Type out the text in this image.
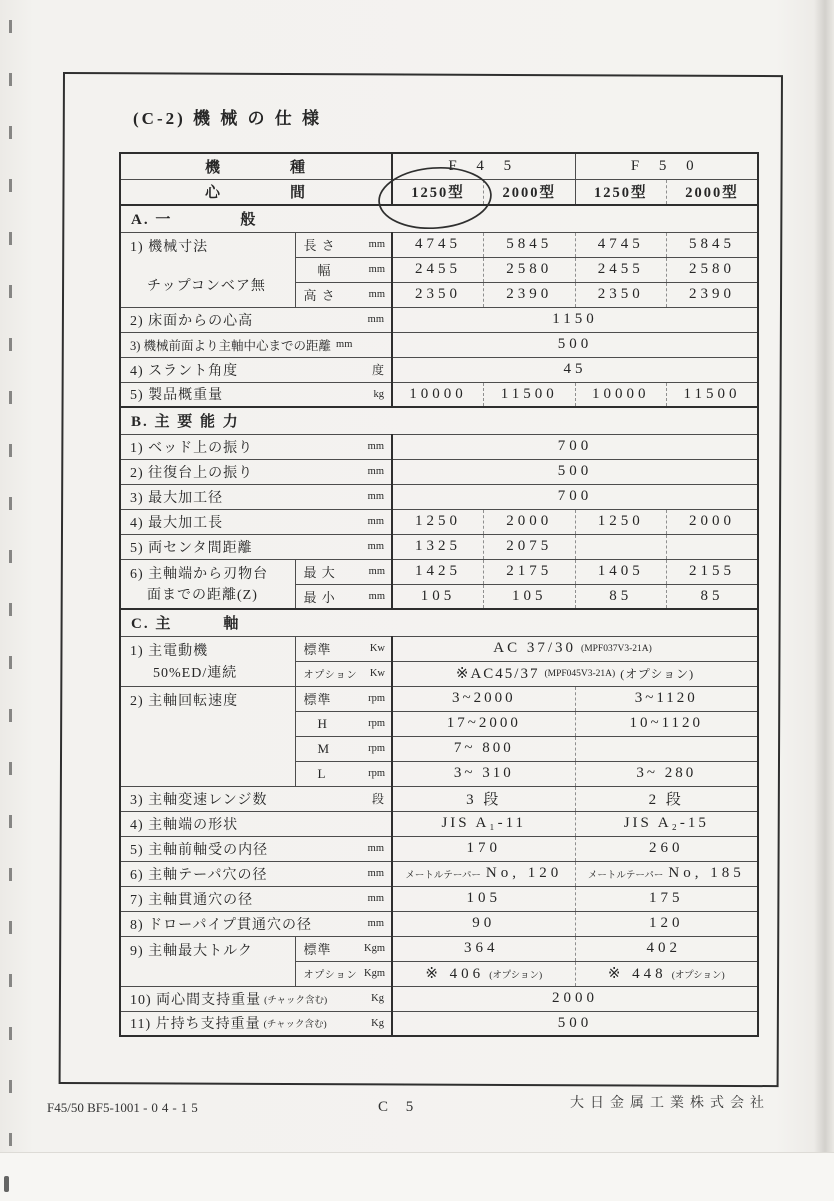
(C-2) 機 械 の 仕 様
機　　　　種		F 4 5		F 5 0	
心　　　　間		1250型	2000型	1250型	2000型
A. 一　　　　般					

1) 機械寸法
チップコンベア無

長 さ	mm	4745	5845	4745	5845

	幅 mm	2455	2580	2455	2580

	高 さ mm	2350	2390	2350	2390

2) 床面からの心高 mm		1150			

3) 機械前面より主軸中心までの距離 mm		500			

4) スラント角度 度		45			

5) 製品概重量 kg		10000	11500	10000	11500
B. 主 要 能 力					

1) ベッド上の振り mm		700			

2) 往復台上の振り mm		500			

3) 最大加工径 mm		700			

4) 最大加工長 mm		1250	2000	1250	2000

5) 両センタ間距離 mm		1325	2075		

6) 主軸端から刃物台
面までの距離(Z)

最 大	mm	1425	2175	1405	2155

	最 小 mm	105	105	85	85
C. 主　　　軸					

1) 主電動機
50%ED/連続

標準	Kw	AC 37/30 (MPF037V3-21A)

	オプション Kw	※AC45/37 (MPF045V3-21A) (オプション)			

2) 主軸回転速度	標準 rpm	3~2000		3~1120	

	H rpm	17~2000		10~1120	

	M rpm	7~ 800			

	L rpm	3~ 310		3~ 280	

3) 主軸変速レンジ数 段		3 段		2 段	

4) 主軸端の形状		JIS A₁-11		JIS A₂-15	

5) 主軸前軸受の内径 mm		170		260	

6) 主軸テーパ穴の径 mm		メートルテーパー No, 120		メートルテーパー No, 185	

7) 主軸貫通穴の径 mm		105		175	

8) ドローパイプ貫通穴の径 mm		90		120	

9) 主軸最大トルク	標準 Kgm	364		402	

	オプション Kgm	※ 406 (オプション)		※ 448 (オプション)	

10) 両心間支持重量 (チャック含む) Kg		2000			

11) 片持ち支持重量 (チャック含む) Kg		500			
F45/50 BF5-1001 -04-15	C 5	大日金属工業株式会社
